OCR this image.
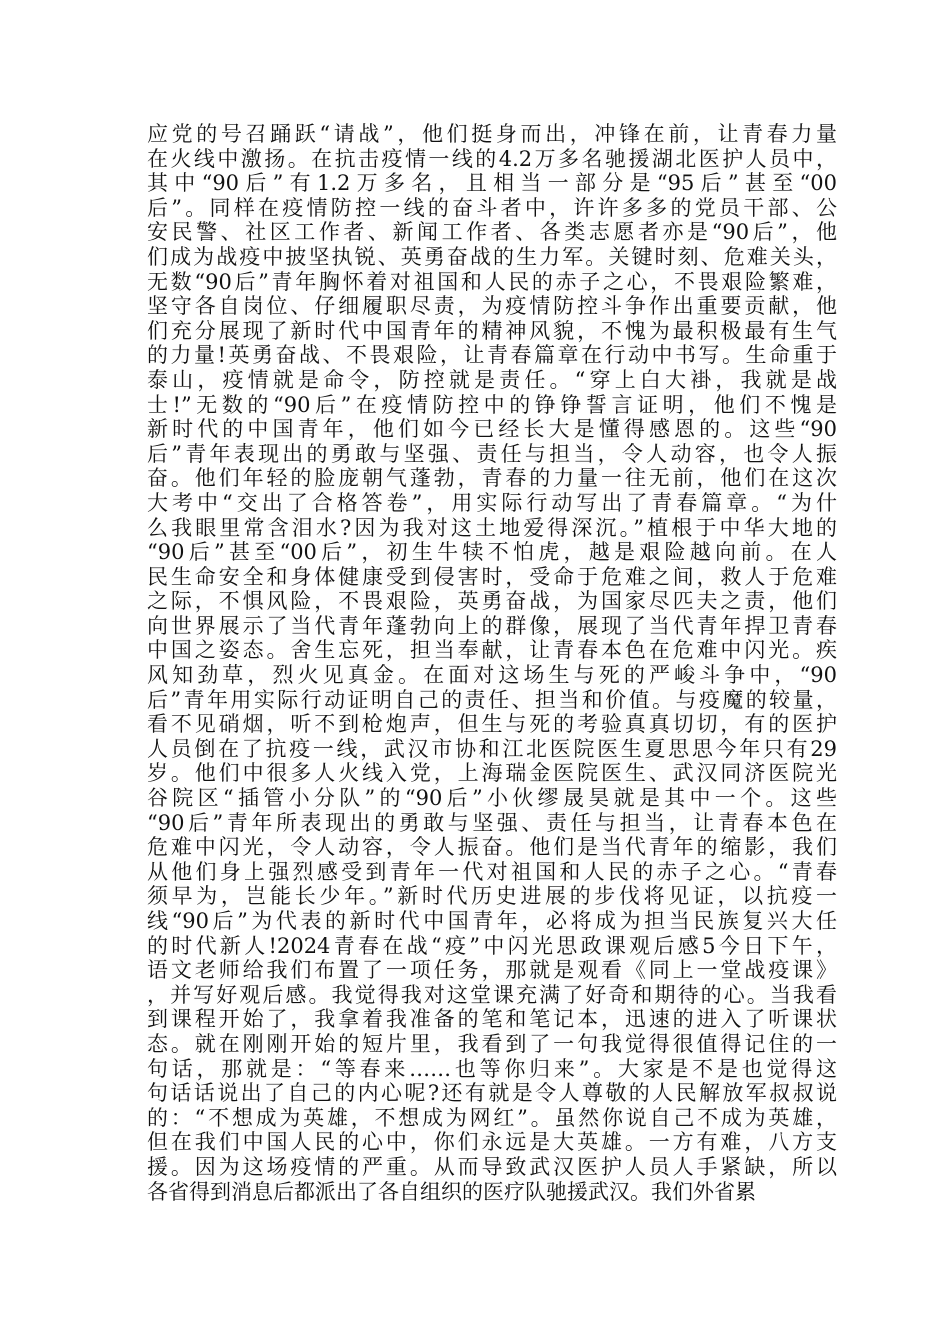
应党的号召踊跃“请战”，他们挺身而出，冲锋在前，让青春力量
在火线中激扬。在抗击疫情一线的4.2万多名驰援湖北医护人员中，
其中“90后”有1.2万多名，且相当一部分是“95后”甚至“00
后”。同样在疫情防控一线的奋斗者中，许许多多的党员干部、公
安民警、社区工作者、新闻工作者、各类志愿者亦是“90后”，他
们成为战疫中披坚执锐、英勇奋战的生力军。关键时刻、危难关头，
无数“90后”青年胸怀着对祖国和人民的赤子之心，不畏艰险繁难，
坚守各自岗位、仔细履职尽责，为疫情防控斗争作出重要贡献，他
们充分展现了新时代中国青年的精神风貌，不愧为最积极最有生气
的力量!英勇奋战、不畏艰险，让青春篇章在行动中书写。生命重于
泰山，疫情就是命令，防控就是责任。“穿上白大褂，我就是战
士!”无数的“90后”在疫情防控中的铮铮誓言证明，他们不愧是
新时代的中国青年，他们如今已经长大是懂得感恩的。这些“90
后”青年表现出的勇敢与坚强、责任与担当，令人动容，也令人振
奋。他们年轻的脸庞朝气蓬勃，青春的力量一往无前，他们在这次
大考中“交出了合格答卷”，用实际行动写出了青春篇章。“为什
么我眼里常含泪水?因为我对这土地爱得深沉。”植根于中华大地的
“90后”甚至“00后”，初生牛犊不怕虎，越是艰险越向前。在人
民生命安全和身体健康受到侵害时，受命于危难之间，救人于危难
之际，不惧风险，不畏艰险，英勇奋战，为国家尽匹夫之责，他们
向世界展示了当代青年蓬勃向上的群像，展现了当代青年捍卫青春
中国之姿态。舍生忘死，担当奉献，让青春本色在危难中闪光。疾
风知劲草，烈火见真金。在面对这场生与死的严峻斗争中，“90
后”青年用实际行动证明自己的责任、担当和价值。与疫魔的较量，
看不见硝烟，听不到枪炮声，但生与死的考验真真切切，有的医护
人员倒在了抗疫一线，武汉市协和江北医院医生夏思思今年只有29
岁。他们中很多人火线入党，上海瑞金医院医生、武汉同济医院光
谷院区“插管小分队”的“90后”小伙缪晟昊就是其中一个。这些
“90后”青年所表现出的勇敢与坚强、责任与担当，让青春本色在
危难中闪光，令人动容，令人振奋。他们是当代青年的缩影，我们
从他们身上强烈感受到青年一代对祖国和人民的赤子之心。“青春
须早为，岂能长少年。”新时代历史进展的步伐将见证，以抗疫一
线“90后”为代表的新时代中国青年，必将成为担当民族复兴大任
的时代新人!2024青春在战“疫”中闪光思政课观后感5今日下午，
语文老师给我们布置了一项任务，那就是观看《同上一堂战疫课》
，并写好观后感。我觉得我对这堂课充满了好奇和期待的心。当我看
到课程开始了，我拿着我准备的笔和笔记本，迅速的进入了听课状
态。就在刚刚开始的短片里，我看到了一句我觉得很值得记住的一
句话，那就是：“等春来……也等你归来”。大家是不是也觉得这
句话话说出了自己的内心呢?还有就是令人尊敬的人民解放军叔叔说
的：“不想成为英雄，不想成为网红”。虽然你说自己不成为英雄，
但在我们中国人民的心中，你们永远是大英雄。一方有难，八方支
援。因为这场疫情的严重。从而导致武汉医护人员人手紧缺，所以
各省得到消息后都派出了各自组织的医疗队驰援武汉。我们外省累
